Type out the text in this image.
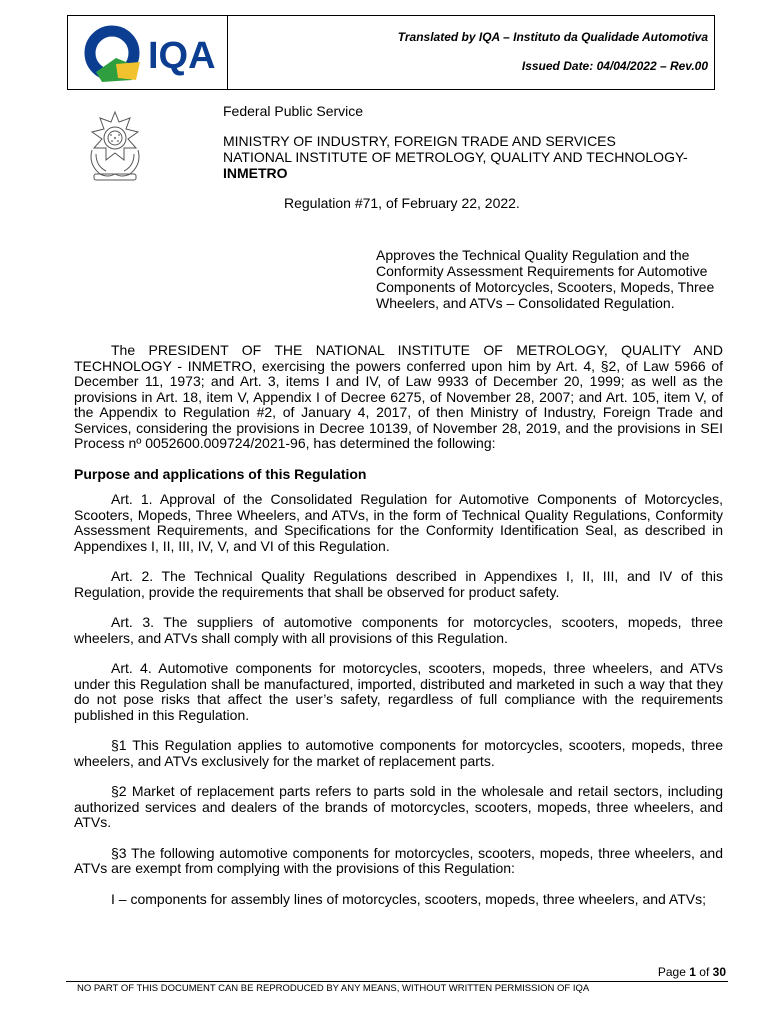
IQA	Translated by IQA – Instituto da Qualidade Automotiva
Issued Date: 04/04/2022 – Rev.00
Federal Public Service
MINISTRY OF INDUSTRY, FOREIGN TRADE AND SERVICES
NATIONAL INSTITUTE OF METROLOGY, QUALITY AND TECHNOLOGY-
INMETRO
Regulation #71, of February 22, 2022.
Approves the Technical Quality Regulation and the Conformity Assessment Requirements for Automotive Components of Motorcycles, Scooters, Mopeds, Three Wheelers, and ATVs – Consolidated Regulation.

The PRESIDENT OF THE NATIONAL INSTITUTE OF METROLOGY, QUALITY AND TECHNOLOGY - INMETRO, exercising the powers conferred upon him by Art. 4, §2, of Law 5966 of December 11, 1973; and Art. 3, items I and IV, of Law 9933 of December 20, 1999; as well as the provisions in Art. 18, item V, Appendix I of Decree 6275, of November 28, 2007; and Art. 105, item V, of the Appendix to Regulation #2, of January 4, 2017, of then Ministry of Industry, Foreign Trade and Services, considering the provisions in Decree 10139, of November 28, 2019, and the provisions in SEI Process nº 0052600.009724/2021-96, has determined the following:

Purpose and applications of this Regulation

Art. 1. Approval of the Consolidated Regulation for Automotive Components of Motorcycles, Scooters, Mopeds, Three Wheelers, and ATVs, in the form of Technical Quality Regulations, Conformity Assessment Requirements, and Specifications for the Conformity Identification Seal, as described in Appendixes I, II, III, IV, V, and VI of this Regulation.

Art. 2. The Technical Quality Regulations described in Appendixes I, II, III, and IV of this Regulation, provide the requirements that shall be observed for product safety.

Art. 3. The suppliers of automotive components for motorcycles, scooters, mopeds, three wheelers, and ATVs shall comply with all provisions of this Regulation.

Art. 4. Automotive components for motorcycles, scooters, mopeds, three wheelers, and ATVs under this Regulation shall be manufactured, imported, distributed and marketed in such a way that they do not pose risks that affect the user’s safety, regardless of full compliance with the requirements published in this Regulation.

§1 This Regulation applies to automotive components for motorcycles, scooters, mopeds, three wheelers, and ATVs exclusively for the market of replacement parts.

§2 Market of replacement parts refers to parts sold in the wholesale and retail sectors, including authorized services and dealers of the brands of motorcycles, scooters, mopeds, three wheelers, and ATVs.

§3 The following automotive components for motorcycles, scooters, mopeds, three wheelers, and ATVs are exempt from complying with the provisions of this Regulation:

I – components for assembly lines of motorcycles, scooters, mopeds, three wheelers, and ATVs;

Page 1 of 30
NO PART OF THIS DOCUMENT CAN BE REPRODUCED BY ANY MEANS, WITHOUT WRITTEN PERMISSION OF IQA
